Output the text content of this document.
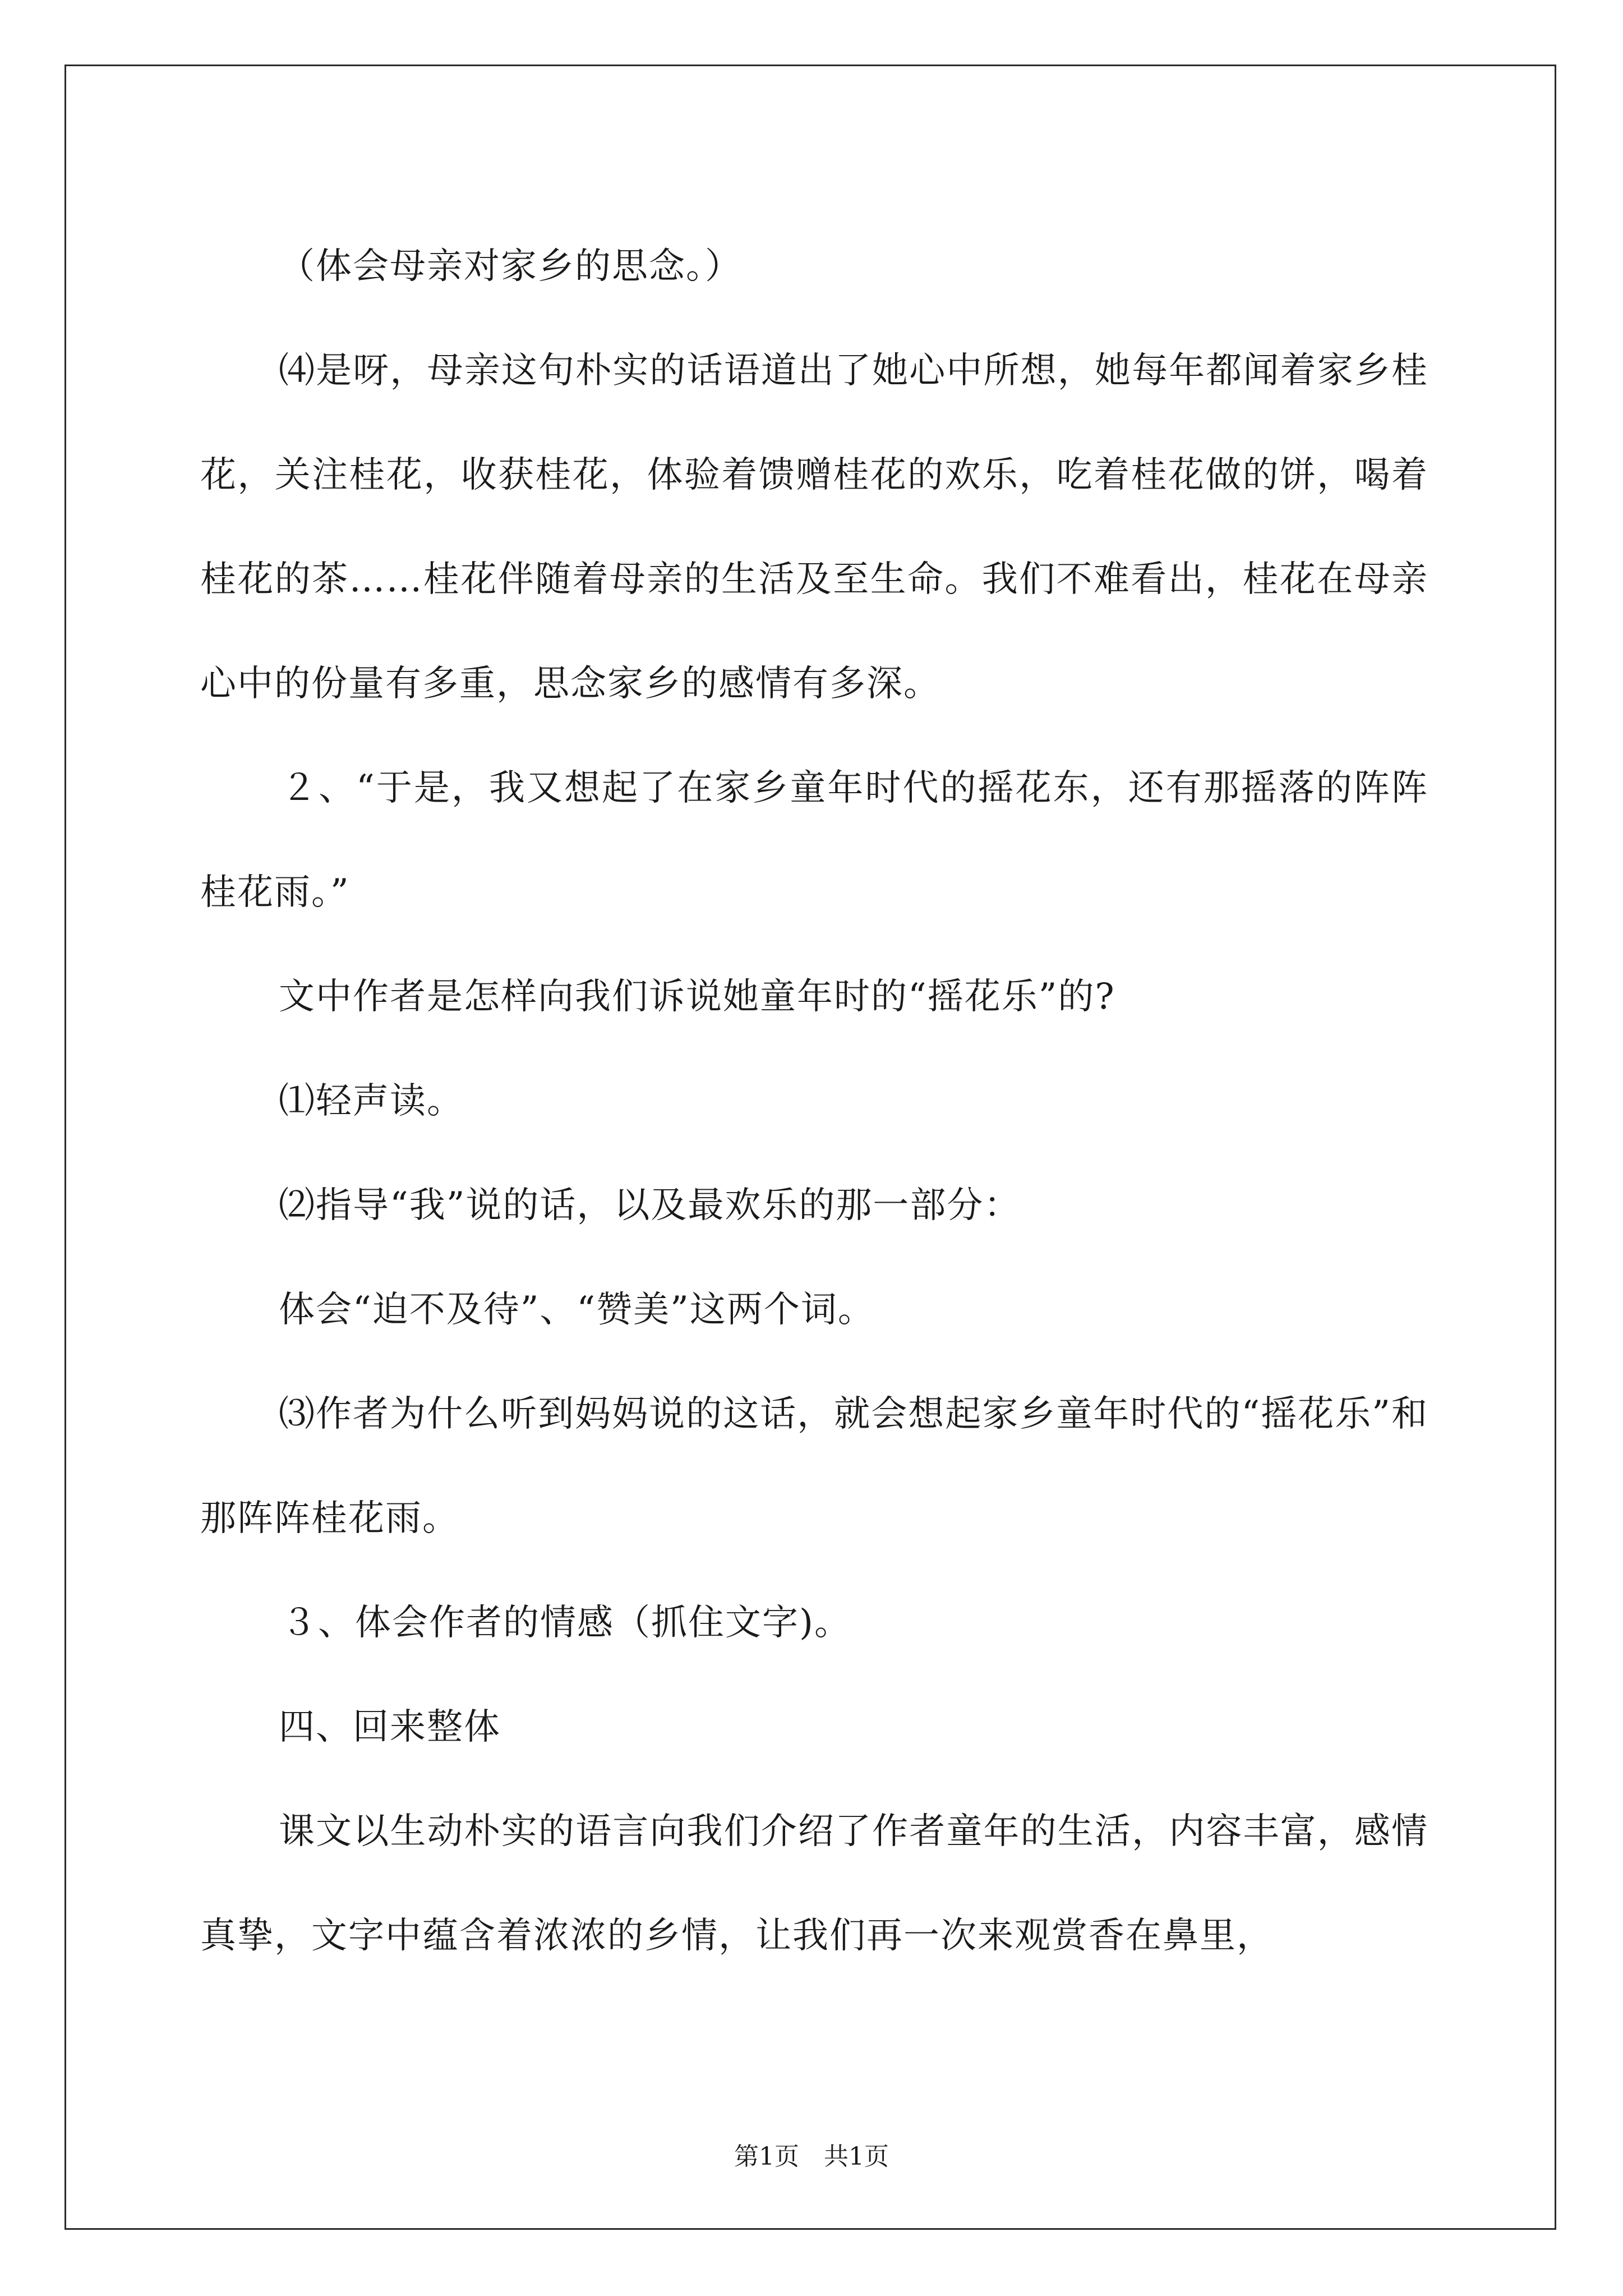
（体会母亲对家乡的思念。）

⑷是呀，母亲这句朴实的话语道出了她心中所想，她每年都闻着家乡桂花，关注桂花，收获桂花，体验着馈赠桂花的欢乐，吃着桂花做的饼，喝着桂花的茶……桂花伴随着母亲的生活及至生命。我们不难看出，桂花在母亲心中的份量有多重，思念家乡的感情有多深。

２、“于是，我又想起了在家乡童年时代的摇花东，还有那摇落的阵阵桂花雨。”

文中作者是怎样向我们诉说她童年时的“摇花乐”的?

⑴轻声读。

⑵指导“我”说的话，以及最欢乐的那一部分：

体会“迫不及待”、“赞美”这两个词。

⑶作者为什么听到妈妈说的这话，就会想起家乡童年时代的“摇花乐”和那阵阵桂花雨。

３、体会作者的情感（抓住文字)。

四、回来整体

课文以生动朴实的语言向我们介绍了作者童年的生活，内容丰富，感情真挚，文字中蕴含着浓浓的乡情，让我们再一次来观赏香在鼻里，

第1页　共1页
